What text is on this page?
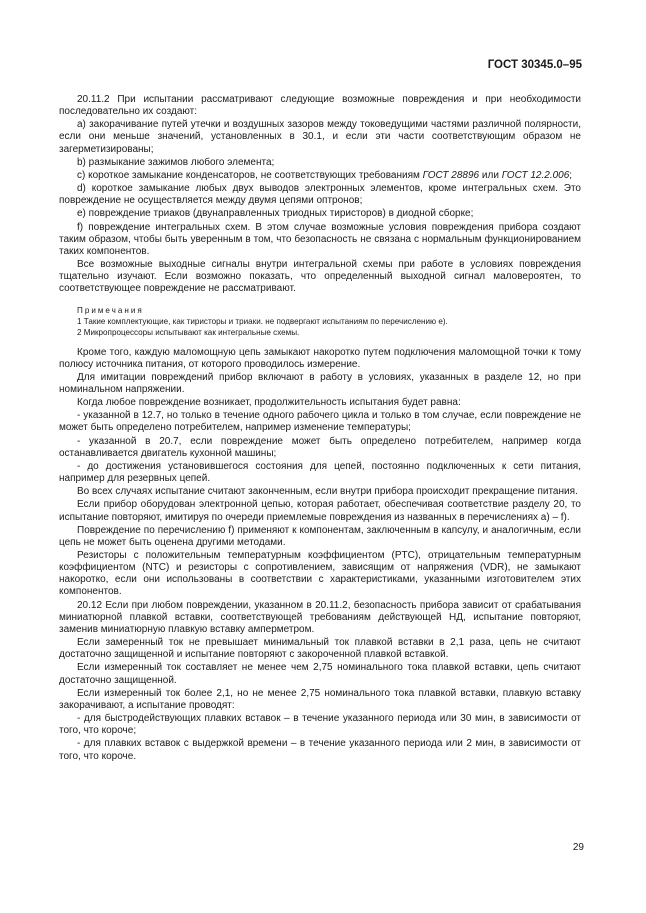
ГОСТ 30345.0–95

20.11.2 При испытании рассматривают следующие возможные повреждения и при необходимости последовательно их создают:

a) закорачивание путей утечки и воздушных зазоров между токоведущими частями различной полярности, если они меньше значений, установленных в 30.1, и если эти части соответствующим образом не загерметизированы;

b) размыкание зажимов любого элемента;

c) короткое замыкание конденсаторов, не соответствующих требованиям ГОСТ 28896 или ГОСТ 12.2.006;

d) короткое замыкание любых двух выводов электронных элементов, кроме интегральных схем. Это повреждение не осуществляется между двумя цепями оптронов;

e) повреждение триаков (двунаправленных триодных тиристоров) в диодной сборке;

f) повреждение интегральных схем. В этом случае возможные условия повреждения прибора создают таким образом, чтобы быть уверенным в том, что безопасность не связана с нормальным функционированием таких компонентов.

Все возможные выходные сигналы внутри интегральной схемы при работе в условиях повреждения тщательно изучают. Если возможно показать, что определенный выходной сигнал маловероятен, то соответствующее повреждение не рассматривают.

Примечания
1 Такие комплектующие, как тиристоры и триаки. не подвергают испытаниям по перечислению e).
2 Микропроцессоры испытывают как интегральные схемы.

Кроме того, каждую маломощную цепь замыкают накоротко путем подключения маломощной точки к тому полюсу источника питания, от которого проводилось измерение.

Для имитации повреждений прибор включают в работу в условиях, указанных в разделе 12, но при номинальном напряжении.

Когда любое повреждение возникает, продолжительность испытания будет равна:

- указанной в 12.7, но только в течение одного рабочего цикла и только в том случае, если повреждение не может быть определено потребителем, например изменение температуры;

- указанной в 20.7, если повреждение может быть определено потребителем, например когда останавливается двигатель кухонной машины;

- до достижения установившегося состояния для цепей, постоянно подключенных к сети питания, например для резервных цепей.

Во всех случаях испытание считают законченным, если внутри прибора происходит прекращение питания.

Если прибор оборудован электронной цепью, которая работает, обеспечивая соответствие разделу 20, то испытание повторяют, имитируя по очереди приемлемые повреждения из названных в перечислениях a) – f).

Повреждение по перечислению f) применяют к компонентам, заключенным в капсулу, и аналогичным, если цепь не может быть оценена другими методами.

Резисторы с положительным температурным коэффициентом (PTC), отрицательным температурным коэффициентом (NTC) и резисторы с сопротивлением, зависящим от напряжения (VDR), не замыкают накоротко, если они использованы в соответствии с характеристиками, указанными изготовителем этих компонентов.

20.12 Если при любом повреждении, указанном в 20.11.2, безопасность прибора зависит от срабатывания миниатюрной плавкой вставки, соответствующей требованиям действующей НД, испытание повторяют, заменив миниатюрную плавкую вставку амперметром.

Если замеренный ток не превышает минимальный ток плавкой вставки в 2,1 раза, цепь не считают достаточно защищенной и испытание повторяют с закороченной плавкой вставкой.

Если измеренный ток составляет не менее чем 2,75 номинального тока плавкой вставки, цепь считают достаточно защищенной.

Если измеренный ток более 2,1, но не менее 2,75 номинального тока плавкой вставки, плавкую вставку закорачивают, а испытание проводят:

- для быстродействующих плавких вставок – в течение указанного периода или 30 мин, в зависимости от того, что короче;

- для плавких вставок с выдержкой времени – в течение указанного периода или 2 мин, в зависимости от того, что короче.

29
